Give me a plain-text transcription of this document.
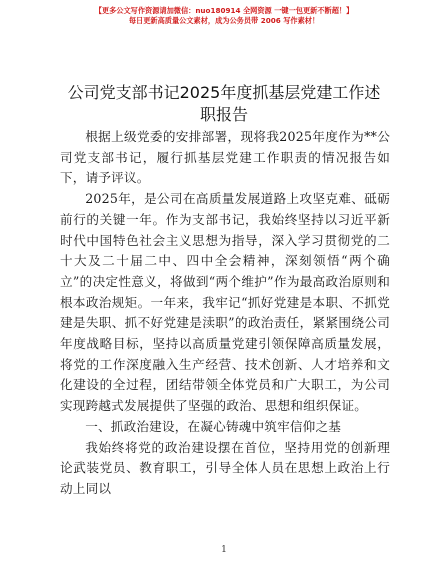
【更多公文写作资源请加微信：nuo180914 全网资源 一键一包更新不断超！】
每日更新高质量公文素材，成为公务员带 2006 写作素材！
公司党支部书记2025年度抓基层党建工作述职报告

根据上级党委的安排部署，现将我2025年度作为**公司党支部书记，履行抓基层党建工作职责的情况报告如下，请予评议。

2025年，是公司在高质量发展道路上攻坚克难、砥砺前行的关键一年。作为支部书记，我始终坚持以习近平新时代中国特色社会主义思想为指导，深入学习贯彻党的二十大及二十届二中、四中全会精神，深刻领悟“两个确立”的决定性意义，将做到“两个维护”作为最高政治原则和根本政治规矩。一年来，我牢记“抓好党建是本职、不抓党建是失职、抓不好党建是渎职”的政治责任，紧紧围绕公司年度战略目标，坚持以高质量党建引领保障高质量发展，将党的工作深度融入生产经营、技术创新、人才培养和文化建设的全过程，团结带领全体党员和广大职工，为公司实现跨越式发展提供了坚强的政治、思想和组织保证。

一、抓政治建设，在凝心铸魂中筑牢信仰之基

我始终将党的政治建设摆在首位，坚持用党的创新理论武装党员、教育职工，引导全体人员在思想上政治上行动上同以

1
